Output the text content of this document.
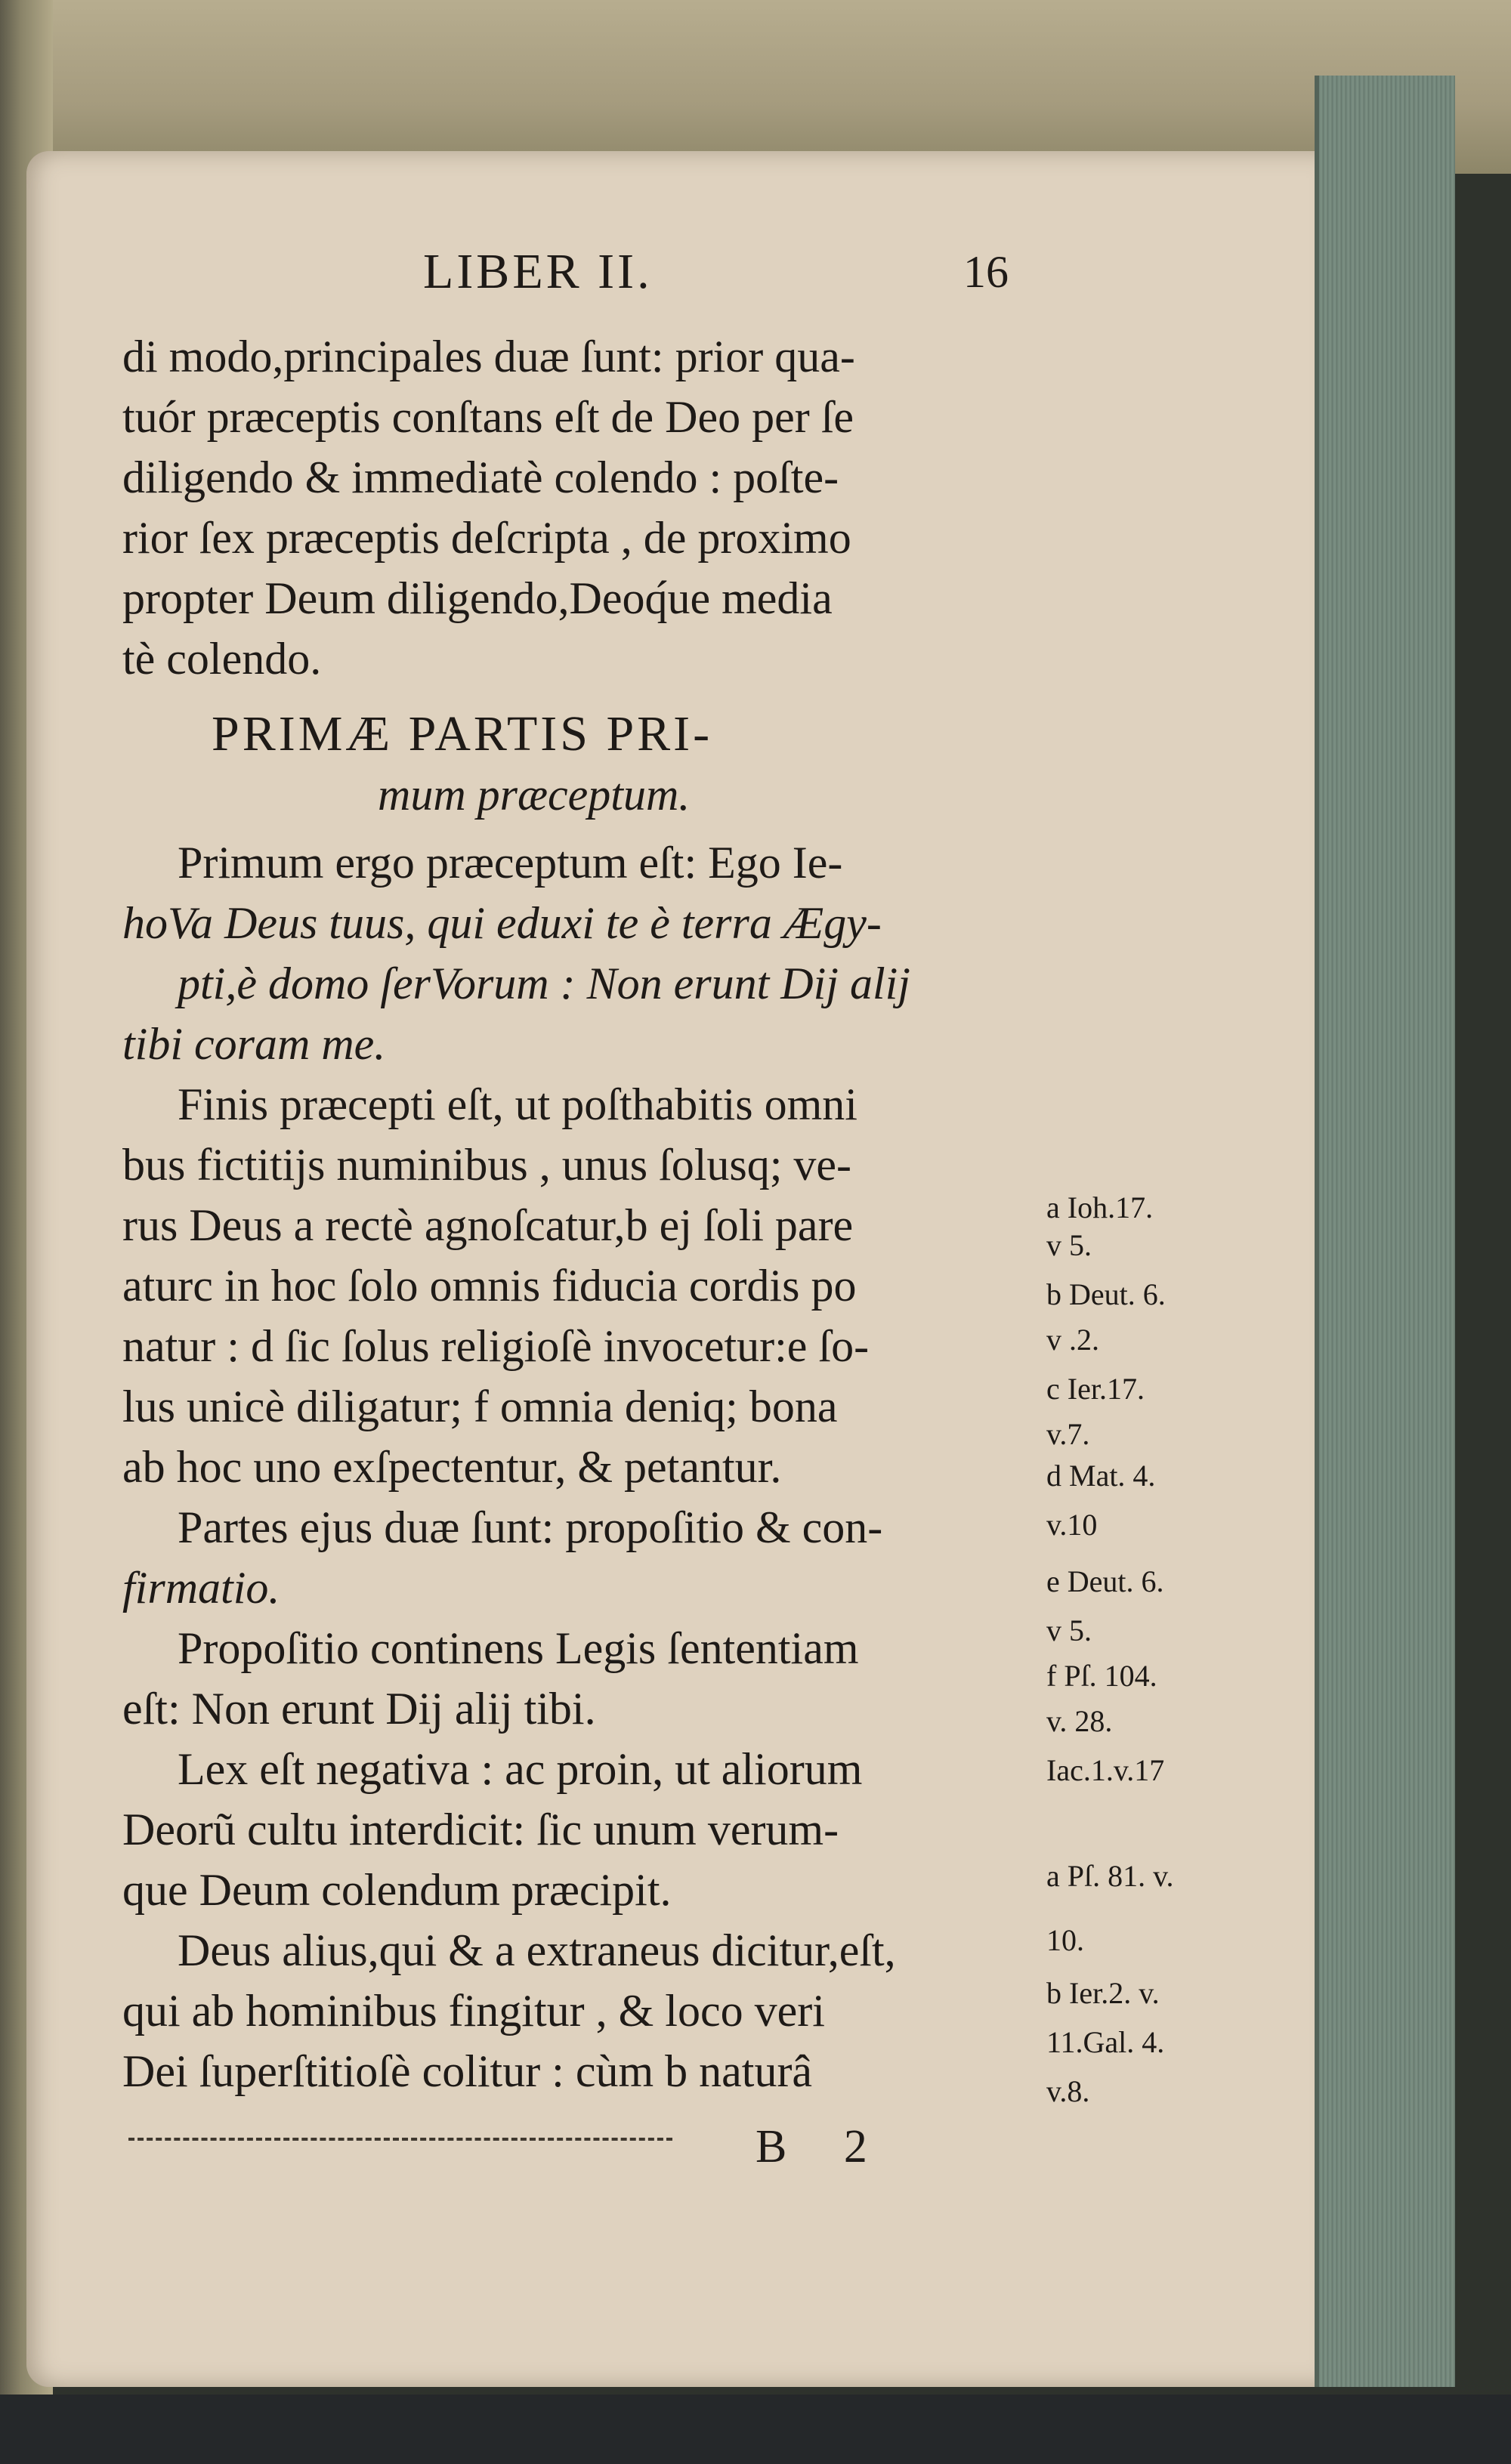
LIBER II.	16
di modo,principales duæ ſunt: prior qua-
tuór præceptis conſtans eſt de Deo per ſe
diligendo & immediatè colendo : poſte-
rior ſex præceptis deſcripta , de proximo
propter Deum diligendo,Deoq́ue media
tè colendo.
PRIMÆ PARTIS PRI-
mum præceptum.
Primum ergo præceptum eſt: Ego Ie-
hoVa Deus tuus, qui eduxi te è terra Ægy-
pti,è domo ſerVorum : Non erunt Dij alij
tibi coram me.
Finis præcepti eſt, ut poſthabitis omni
bus fictitijs numinibus , unus ſolusq; ve-
rus Deus a rectè agnoſcatur,b ej ſoli pare
aturc in hoc ſolo omnis fiducia cordis po
natur : d ſic ſolus religioſè invocetur:e ſo-
lus unicè diligatur; f omnia deniq; bona
ab hoc uno exſpectentur, & petantur.
Partes ejus duæ ſunt: propoſitio & con-
firmatio.
Propoſitio continens Legis ſententiam
eſt: Non erunt Dij alij tibi.
Lex eſt negativa : ac proin, ut aliorum
Deorũ cultu interdicit: ſic unum verum-
que Deum colendum præcipit.
Deus alius,qui & a extraneus dicitur,eſt,
qui ab hominibus fingitur , & loco veri
Dei ſuperſtitioſè colitur : cùm b naturâ
a Ioh.17.
v 5.
b Deut. 6.
v .2.
c Ier.17.
v.7.
d Mat. 4.
v.10
e Deut. 6.
v 5.
f Pſ. 104.
v. 28.
Iac.1.v.17
a Pſ. 81. v.
10.
b Ier.2. v.
11.Gal. 4.
v.8.
B 2
